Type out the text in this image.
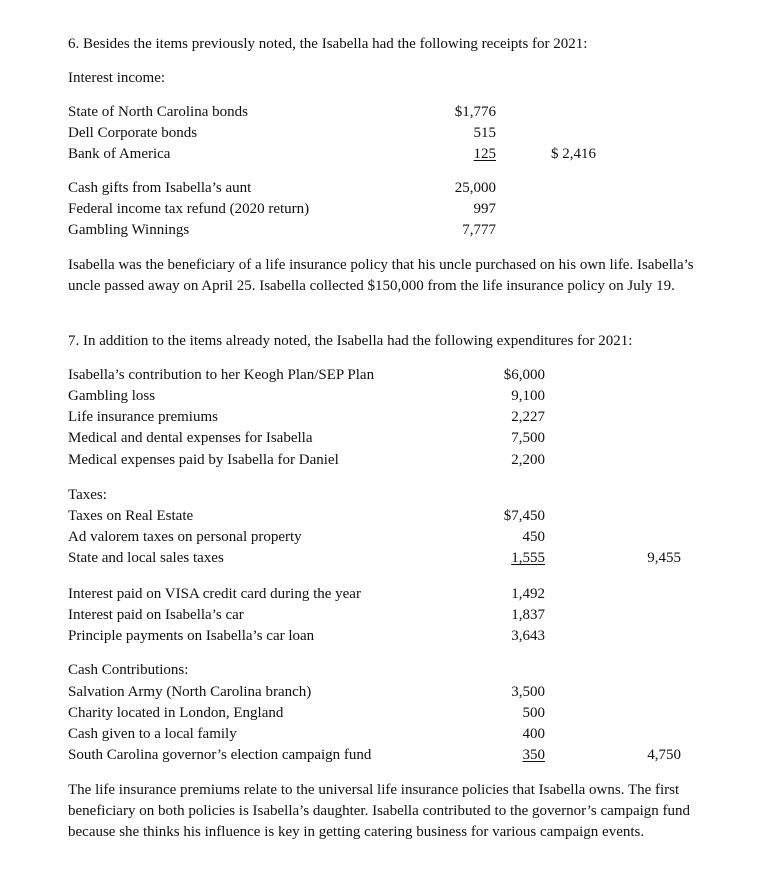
6. Besides the items previously noted, the Isabella had the following receipts for 2021:
Interest income:
State of North Carolina bonds	$1,776
Dell Corporate bonds	515
Bank of America	125	$ 2,416
Cash gifts from Isabella’s aunt	25,000
Federal income tax refund (2020 return)	997
Gambling Winnings	7,777
Isabella was the beneficiary of a life insurance policy that his uncle purchased on his own life. Isabella’s uncle passed away on April 25. Isabella collected $150,000 from the life insurance policy on July 19.
7. In addition to the items already noted, the Isabella had the following expenditures for 2021:
Isabella’s contribution to her Keogh Plan/SEP Plan	$6,000
Gambling loss	9,100
Life insurance premiums	2,227
Medical and dental expenses for Isabella	7,500
Medical expenses paid by Isabella for Daniel	2,200
Taxes:
Taxes on Real Estate	$7,450
Ad valorem taxes on personal property	450
State and local sales taxes	1,555	9,455
Interest paid on VISA credit card during the year	1,492
Interest paid on Isabella’s car	1,837
Principle payments on Isabella’s car loan	3,643
Cash Contributions:
Salvation Army (North Carolina branch)	3,500
Charity located in London, England	500
Cash given to a local family	400
South Carolina governor’s election campaign fund	350	4,750
The life insurance premiums relate to the universal life insurance policies that Isabella owns. The first beneficiary on both policies is Isabella’s daughter. Isabella contributed to the governor’s campaign fund because she thinks his influence is key in getting catering business for various campaign events.
